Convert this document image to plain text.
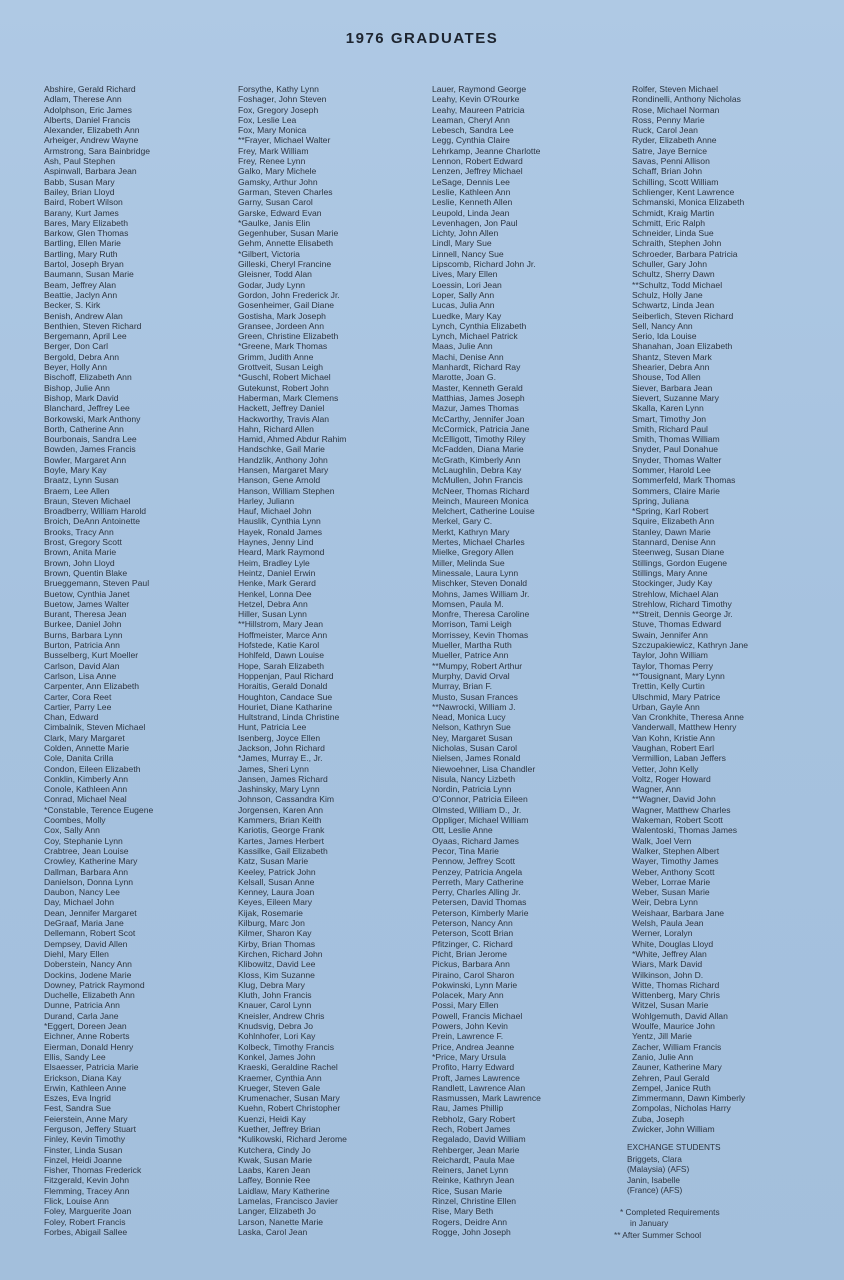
1976 GRADUATES
Abshire, Gerald Richard
Adlam, Therese Ann
Adolphson, Eric James
Alberts, Daniel Francis
Alexander, Elizabeth Ann
Arheiger, Andrew Wayne
Armstrong, Sara Bainbridge
Ash, Paul Stephen
Aspinwall, Barbara Jean
Babb, Susan Mary
Bailey, Brian Lloyd
Baird, Robert Wilson
Barany, Kurt James
Bares, Mary Elizabeth
Barkow, Glen Thomas
Bartling, Ellen Marie
Bartling, Mary Ruth
Bartol, Joseph Bryan
Baumann, Susan Marie
Beam, Jeffrey Alan
Beattie, Jaclyn Ann
Becker, S. Kirk
Benish, Andrew Alan
Benthien, Steven Richard
Bergemann, April Lee
Berger, Don Carl
Bergold, Debra Ann
Beyer, Holly Ann
Bischoff, Elizabeth Ann
Bishop, Julie Ann
Bishop, Mark David
Blanchard, Jeffrey Lee
Borkowski, Mark Anthony
Borth, Catherine Ann
Bourbonais, Sandra Lee
Bowden, James Francis
Bowler, Margaret Ann
Boyle, Mary Kay
Braatz, Lynn Susan
Braem, Lee Allen
Braun, Steven Michael
Broadberry, William Harold
Broich, DeAnn Antoinette
Brooks, Tracy Ann
Brost, Gregory Scott
Brown, Anita Marie
Brown, John Lloyd
Brown, Quentin Blake
Brueggemann, Steven Paul
Buetow, Cynthia Janet
Buetow, James Walter
Burant, Theresa Jean
Burkee, Daniel John
Burns, Barbara Lynn
Burton, Patricia Ann
Busselberg, Kurt Moeller
Carlson, David Alan
Carlson, Lisa Anne
Carpenter, Ann Elizabeth
Carter, Cora Reet
Cartier, Parry Lee
Chan, Edward
Cimbalnik, Steven Michael
Clark, Mary Margaret
Colden, Annette Marie
Cole, Danita Crilla
Condon, Eileen Elizabeth
Conklin, Kimberly Ann
Conole, Kathleen Ann
Conrad, Michael Neal
*Constable, Terence Eugene
Coombes, Molly
Cox, Sally Ann
Coy, Stephanie Lynn
Crabtree, Jean Louise
Crowley, Katherine Mary
Dallman, Barbara Ann
Danielson, Donna Lynn
Daubon, Nancy Lee
Day, Michael John
Dean, Jennifer Margaret
DeGraaf, Maria Jane
Dellemann, Robert Scot
Dempsey, David Allen
Diehl, Mary Ellen
Doberstein, Nancy Ann
Dockins, Jodene Marie
Downey, Patrick Raymond
Duchelle, Elizabeth Ann
Dunne, Patricia Ann
Durand, Carla Jane
*Eggert, Doreen Jean
Eichner, Anne Roberts
Eierman, Donald Henry
Ellis, Sandy Lee
Elsaesser, Patricia Marie
Erickson, Diana Kay
Erwin, Kathleen Anne
Eszes, Eva Ingrid
Fest, Sandra Sue
Feierstein, Anne Mary
Ferguson, Jeffery Stuart
Finley, Kevin Timothy
Finster, Linda Susan
Finzel, Heidi Joanne
Fisher, Thomas Frederick
Fitzgerald, Kevin John
Flemming, Tracey Ann
Flick, Louise Ann
Foley, Marguerite Joan
Foley, Robert Francis
Forbes, Abigail Sallee
Forsythe, Kathy Lynn
Foshager, John Steven
Fox, Gregory Joseph
Fox, Leslie Lea
Fox, Mary Monica
**Frayer, Michael Walter
Frey, Mark William
Frey, Renee Lynn
Galko, Mary Michele
Gamsky, Arthur John
Garman, Steven Charles
Garny, Susan Carol
Garske, Edward Evan
*Gaulke, Janis Elin
Gegenhuber, Susan Marie
Gehm, Annette Elisabeth
*Gilbert, Victoria
Gilleski, Cheryl Francine
Gleisner, Todd Alan
Godar, Judy Lynn
Gordon, John Frederick Jr.
Gosenheimer, Gail Diane
Gostisha, Mark Joseph
Gransee, Jordeen Ann
Green, Christine Elizabeth
*Greene, Mark Thomas
Grimm, Judith Anne
Grottveit, Susan Leigh
*Guschl, Robert Michael
Gutekunst, Robert John
Haberman, Mark Clemens
Hackett, Jeffrey Daniel
Hackworthy, Travis Alan
Hahn, Richard Allen
Hamid, Ahmed Abdur Rahim
Handschke, Gail Marie
Handzlik, Anthony John
Hansen, Margaret Mary
Hanson, Gene Arnold
Hanson, William Stephen
Harley, Juliann
Hauf, Michael John
Hauslik, Cynthia Lynn
Hayek, Ronald James
Haynes, Jenny Lind
Heard, Mark Raymond
Heim, Bradley Lyle
Heintz, Daniel Erwin
Henke, Mark Gerard
Henkel, Lonna Dee
Hetzel, Debra Ann
Hiller, Susan Lynn
**Hillstrom, Mary Jean
Hoffmeister, Marce Ann
Hofstede, Katie Karol
Hohlfeld, Dawn Louise
Hope, Sarah Elizabeth
Hoppenjan, Paul Richard
Horaitis, Gerald Donald
Houghton, Candace Sue
Houriet, Diane Katharine
Hultstrand, Linda Christine
Hunt, Patricia Lee
Isenberg, Joyce Ellen
Jackson, John Richard
*James, Murray E., Jr.
James, Sheri Lynn
Jansen, James Richard
Jashinsky, Mary Lynn
Johnson, Cassandra Kim
Jorgensen, Karen Ann
Kammers, Brian Keith
Kariotis, George Frank
Kartes, James Herbert
Kassilke, Gail Elizabeth
Katz, Susan Marie
Keeley, Patrick John
Kelsall, Susan Anne
Kenney, Laura Joan
Keyes, Eileen Mary
Kijak, Rosemarie
Kilburg, Marc Jon
Kilmer, Sharon Kay
Kirby, Brian Thomas
Kirchen, Richard John
Klibowitz, David Lee
Kloss, Kim Suzanne
Klug, Debra Mary
Kluth, John Francis
Knauer, Carol Lynn
Kneisler, Andrew Chris
Knudsvig, Debra Jo
Kohlnhofer, Lori Kay
Kolbeck, Timothy Francis
Konkel, James John
Kraeski, Geraldine Rachel
Kraemer, Cynthia Ann
Krueger, Steven Gale
Krumenacher, Susan Mary
Kuehn, Robert Christopher
Kuenzi, Heidi Kay
Kuether, Jeffrey Brian
*Kulikowski, Richard Jerome
Kutchera, Cindy Jo
Kwak, Susan Marie
Laabs, Karen Jean
Laffey, Bonnie Ree
Laidlaw, Mary Katherine
Lamelas, Francisco Javier
Langer, Elizabeth Jo
Larson, Nanette Marie
Laska, Carol Jean
Lauer, Raymond George
Leahy, Kevin O'Rourke
Leahy, Maureen Patricia
Leaman, Cheryl Ann
Lebesch, Sandra Lee
Legg, Cynthia Claire
Lehrkamp, Jeanne Charlotte
Lennon, Robert Edward
Lenzen, Jeffrey Michael
LeSage, Dennis Lee
Leslie, Kathleen Ann
Leslie, Kenneth Allen
Leupold, Linda Jean
Levenhagen, Jon Paul
Lichty, John Allen
Lindl, Mary Sue
Linnell, Nancy Sue
Lipscomb, Richard John Jr.
Lives, Mary Ellen
Loessin, Lori Jean
Loper, Sally Ann
Lucas, Julia Ann
Luedke, Mary Kay
Lynch, Cynthia Elizabeth
Lynch, Michael Patrick
Maas, Julie Ann
Machi, Denise Ann
Manhardt, Richard Ray
Marotte, Joan G.
Master, Kenneth Gerald
Matthias, James Joseph
Mazur, James Thomas
McCarthy, Jennifer Joan
McCormick, Patricia Jane
McElligott, Timothy Riley
McFadden, Diana Marie
McGrath, Kimberly Ann
McLaughlin, Debra Kay
McMullen, John Francis
McNeer, Thomas Richard
Meinch, Maureen Monica
Melchert, Catherine Louise
Merkel, Gary C.
Merkt, Kathryn Mary
Mertes, Michael Charles
Mielke, Gregory Allen
Miller, Melinda Sue
Minessale, Laura Lynn
Mischker, Steven Donald
Mohns, James William Jr.
Momsen, Paula M.
Monfre, Theresa Caroline
Morrison, Tami Leigh
Morrissey, Kevin Thomas
Mueller, Martha Ruth
Mueller, Patrice Ann
**Mumpy, Robert Arthur
Murphy, David Orval
Murray, Brian F.
Musto, Susan Frances
**Nawrocki, William J.
Nead, Monica Lucy
Nelson, Kathryn Sue
Ney, Margaret Susan
Nicholas, Susan Carol
Nielsen, James Ronald
Niewoehner, Lisa Chandler
Nisula, Nancy Lizbeth
Nordin, Patricia Lynn
O'Connor, Patricia Eileen
Olmsted, William D., Jr.
Oppliger, Michael William
Ott, Leslie Anne
Oyaas, Richard James
Pecor, Tina Marie
Pennow, Jeffrey Scott
Penzey, Patricia Angela
Perreth, Mary Catherine
Perry, Charles Alling Jr.
Petersen, David Thomas
Peterson, Kimberly Marie
Peterson, Nancy Ann
Peterson, Scott Brian
Pfitzinger, C. Richard
Picht, Brian Jerome
Pickus, Barbara Ann
Piraino, Carol Sharon
Pokwinski, Lynn Marie
Polacek, Mary Ann
Possi, Mary Ellen
Powell, Francis Michael
Powers, John Kevin
Prein, Lawrence F.
Price, Andrea Jeanne
*Price, Mary Ursula
Profito, Harry Edward
Proft, James Lawrence
Randlett, Lawrence Alan
Rasmussen, Mark Lawrence
Rau, James Phillip
Rebholz, Gary Robert
Rech, Robert James
Regalado, David William
Rehberger, Jean Marie
Reichardt, Paula Mae
Reiners, Janet Lynn
Reinke, Kathryn Jean
Rice, Susan Marie
Rinzel, Christine Ellen
Rise, Mary Beth
Rogers, Deidre Ann
Rogge, John Joseph
Rolfer, Steven Michael
Rondinelli, Anthony Nicholas
Rose, Michael Norman
Ross, Penny Marie
Ruck, Carol Jean
Ryder, Elizabeth Anne
Satre, Jaye Bernice
Savas, Penni Allison
Schaff, Brian John
Schilling, Scott William
Schlienger, Kent Lawrence
Schmanski, Monica Elizabeth
Schmidt, Kraig Martin
Schmitt, Eric Ralph
Schneider, Linda Sue
Schraith, Stephen John
Schroeder, Barbara Patricia
Schuller, Gary John
Schultz, Sherry Dawn
**Schultz, Todd Michael
Schulz, Holly Jane
Schwartz, Linda Jean
Seiberlich, Steven Richard
Sell, Nancy Ann
Serio, Ida Louise
Shanahan, Joan Elizabeth
Shantz, Steven Mark
Shearier, Debra Ann
Shouse, Tod Allen
Siever, Barbara Jean
Sievert, Suzanne Mary
Skalla, Karen Lynn
Smart, Timothy Jon
Smith, Richard Paul
Smith, Thomas William
Snyder, Paul Donahue
Snyder, Thomas Walter
Sommer, Harold Lee
Sommerfeld, Mark Thomas
Sommers, Claire Marie
Spring, Juliana
*Spring, Karl Robert
Squire, Elizabeth Ann
Stanley, Dawn Marie
Stannard, Denise Ann
Steenweg, Susan Diane
Stillings, Gordon Eugene
Stillings, Mary Anne
Stockinger, Judy Kay
Strehlow, Michael Alan
Strehlow, Richard Timothy
**Streit, Dennis George Jr.
Stuve, Thomas Edward
Swain, Jennifer Ann
Szczupakiewicz, Kathryn Jane
Taylor, John William
Taylor, Thomas Perry
**Tousignant, Mary Lynn
Trettin, Kelly Curtin
Ulschmid, Mary Patrice
Urban, Gayle Ann
Van Cronkhite, Theresa Anne
Vanderwall, Matthew Henry
Van Kohn, Kristie Ann
Vaughan, Robert Earl
Vermillion, Laban Jeffers
Vetter, John Kelly
Voltz, Roger Howard
Wagner, Ann
**Wagner, David John
Wagner, Matthew Charles
Wakeman, Robert Scott
Walentoski, Thomas James
Walk, Joel Vern
Walker, Stephen Albert
Wayer, Timothy James
Weber, Anthony Scott
Weber, Lorrae Marie
Weber, Susan Marie
Weir, Debra Lynn
Weishaar, Barbara Jane
Welsh, Paula Jean
Werner, Loralyn
White, Douglas Lloyd
*White, Jeffrey Alan
Wiars, Mark David
Wilkinson, John D.
Witte, Thomas Richard
Wittenberg, Mary Chris
Witzel, Susan Marie
Wohlgemuth, David Allan
Woulfe, Maurice John
Yentz, Jill Marie
Zacher, William Francis
Zanio, Julie Ann
Zauner, Katherine Mary
Zehren, Paul Gerald
Zempel, Janice Ruth
Zimmermann, Dawn Kimberly
Zompolas, Nicholas Harry
Zuba, Joseph
Zwicker, John William
EXCHANGE STUDENTS
Briggets, Clara
(Malaysia) (AFS)
Janin, Isabelle
(France) (AFS)
* Completed Requirements
in January
** After Summer School
